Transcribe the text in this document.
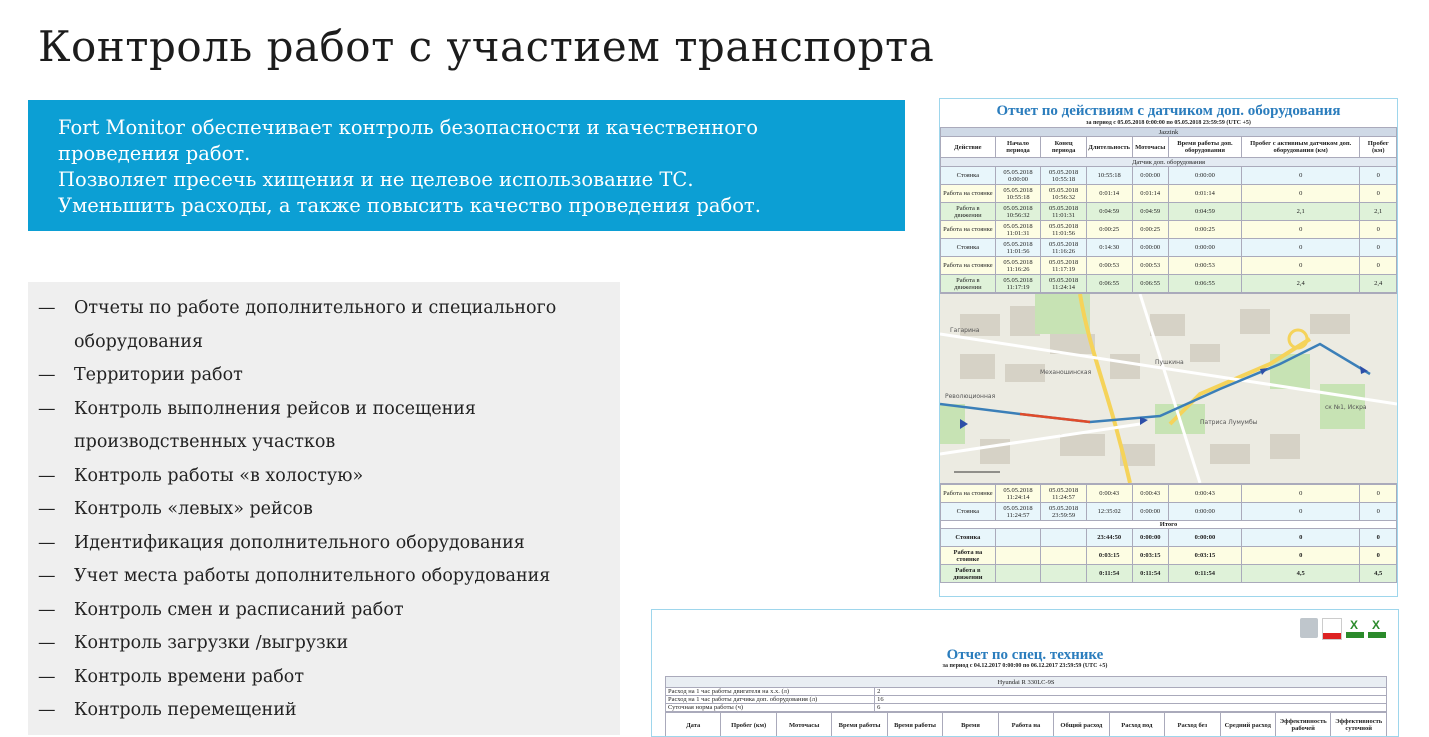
Контроль работ с участием транспорта
Fort Monitor обеспечивает контроль безопасности и качественного
проведения работ.
Позволяет пресечь хищения и не целевое использование ТС.
Уменьшить расходы, а также повысить качество проведения работ.
— Отчеты по работе дополнительного и специального
оборудования
— Территории работ
— Контроль выполнения рейсов и посещения
производственных участков
— Контроль работы «в холостую»
— Контроль «левых» рейсов
— Идентификация дополнительного оборудования
— Учет места работы дополнительного оборудования
— Контроль смен и расписаний работ
— Контроль загрузки /выгрузки
— Контроль времени работ
— Контроль перемещений
Отчет по действиям с датчиком доп. оборудования
за период с 05.05.2018 0:00:00 по 05.05.2018 23:59:59 (UTC +5)
Jazzink							
Действие	Начало периода	Конец периода	Длительность	Моточасы	Время работы доп. оборудования	Пробег с активным датчиком доп. оборудования (км)	Пробег (км)
Датчик доп. оборудования							
Стоянка	05.05.2018 0:00:00	05.05.2018 10:55:18	10:55:18	0:00:00	0:00:00	0	0
Работа на стоянке	05.05.2018 10:55:18	05.05.2018 10:56:32	0:01:14	0:01:14	0:01:14	0	0
Работа в движении	05.05.2018 10:56:32	05.05.2018 11:01:31	0:04:59	0:04:59	0:04:59	2,1	2,1
Работа на стоянке	05.05.2018 11:01:31	05.05.2018 11:01:56	0:00:25	0:00:25	0:00:25	0	0
Стоянка	05.05.2018 11:01:56	05.05.2018 11:16:26	0:14:30	0:00:00	0:00:00	0	0
Работа на стоянке	05.05.2018 11:16:26	05.05.2018 11:17:19	0:00:53	0:00:53	0:00:53	0	0
Работа в движении	05.05.2018 11:17:19	05.05.2018 11:24:14	0:06:55	0:06:55	0:06:55	2,4	2,4
Гагарина
Революционная
Механошинская
Пушкина
Патриса Лумумбы
ск №1, Искра
Работа на стоянке	05.05.2018 11:24:14	05.05.2018 11:24:57	0:00:43	0:00:43	0:00:43	0	0
Стоянка	05.05.2018 11:24:57	05.05.2018 23:59:59	12:35:02	0:00:00	0:00:00	0	0
Итого							
Стоянка			23:44:50	0:00:00	0:00:00	0	0
Работа на стоянке			0:03:15	0:03:15	0:03:15	0	0
Работа в движении			0:11:54	0:11:54	0:11:54	4,5	4,5
X X
Отчет по спец. технике
за период с 04.12.2017 0:00:00 по 06.12.2017 23:59:59 (UTC +5)
Hyundai R 330LC-9S	
Расход на 1 час работы двигателя на х.х. (л)	2
Расход на 1 час работы датчика доп. оборудования (л)	16
Суточная норма работы (ч)	6
Дата	Пробег (км)	Моточасы	Время работы	Время работы	Время	Работа на	Общий расход	Расход под	Расход без	Средний расход	Эффективность рабочей	Эффективность суточной
